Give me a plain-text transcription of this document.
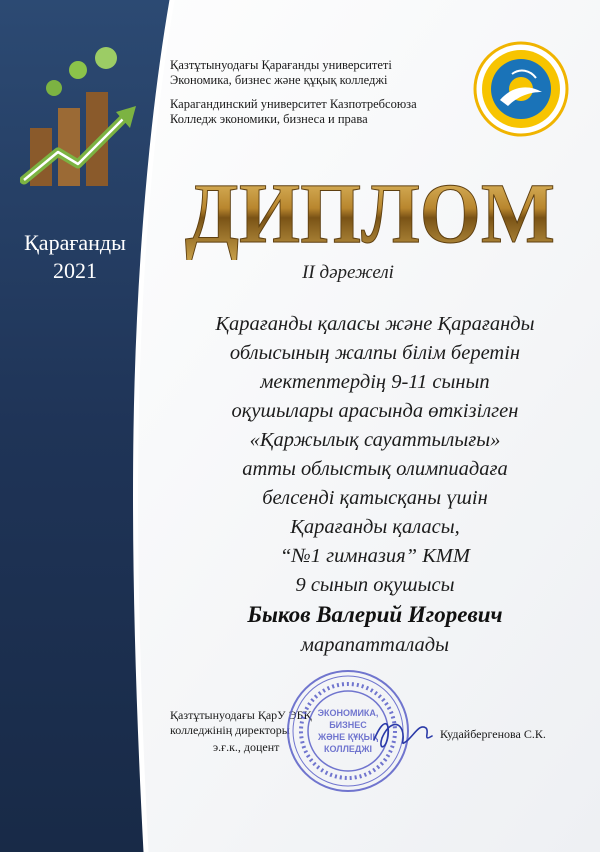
Қарағанды
2021
Қазтұтынуодағы Қарағанды университеті
Экономика, бизнес және құқық колледжі
Карагандинский университет Казпотребсоюза
Колледж экономики, бизнеса и права
ДИПЛОМ
ІІ дәрежелі
Қарағанды қаласы және Қарағанды
облысының жалпы білім беретін
мектептердің 9-11 сынып
оқушылары арасында өткізілген
«Қаржылық сауаттылығы»
атты облыстық олимпиадаға
белсенді қатысқаны үшін
Қарағанды қаласы,
“№1 гимназия” КММ
9 сынып оқушысы
Быков Валерий Игоревич
марапатталады
Қазтұтынуодағы ҚарУ ЭБҚ
колледжінің директоры
э.ғ.к., доцент
Кудайбергенова С.К.
ЭКОНОМИКА,
БИЗНЕС
ЖӘНЕ ҚҰҚЫҚ
КОЛЛЕДЖІ
